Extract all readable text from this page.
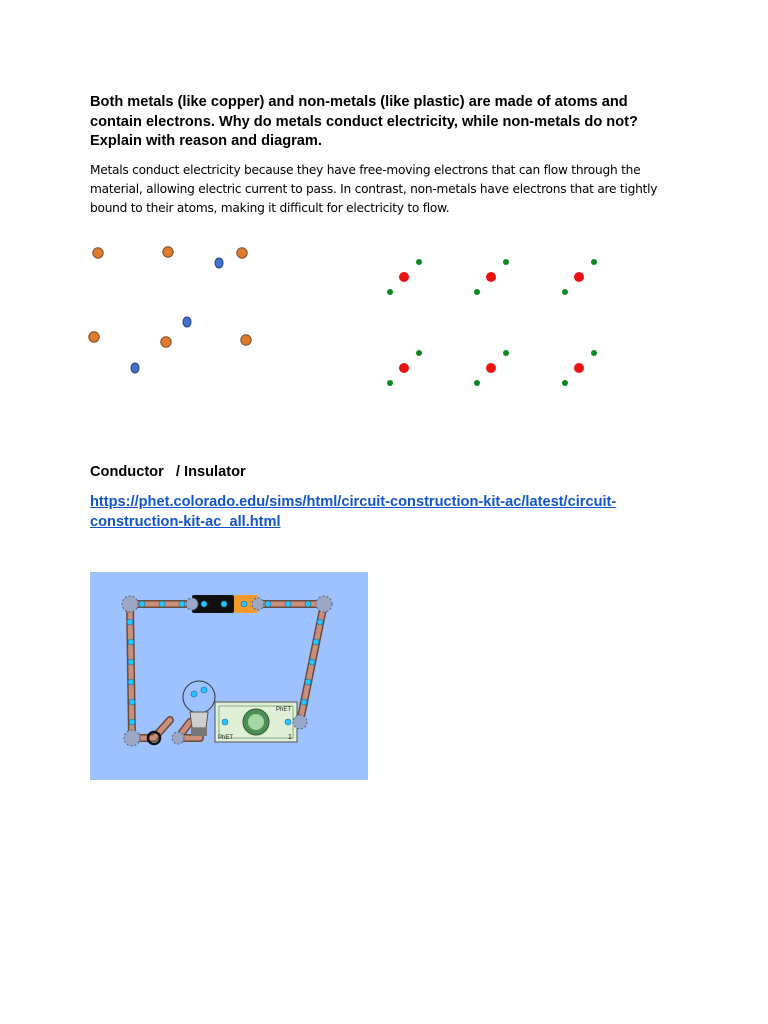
Both metals (like copper) and non-metals (like plastic) are made of atoms and contain electrons. Why do metals conduct electricity, while non-metals do not? Explain with reason and diagram.

Metals conduct electricity because they have free-moving electrons that can flow through the material, allowing electric current to pass. In contrast, non-metals have electrons that are tightly bound to their atoms, making it difficult for electricity to flow.

Conductor   / Insulator

https://phet.colorado.edu/sims/html/circuit-construction-kit-ac/latest/circuit-construction-kit-ac_all.html
PhET
PhET	1
